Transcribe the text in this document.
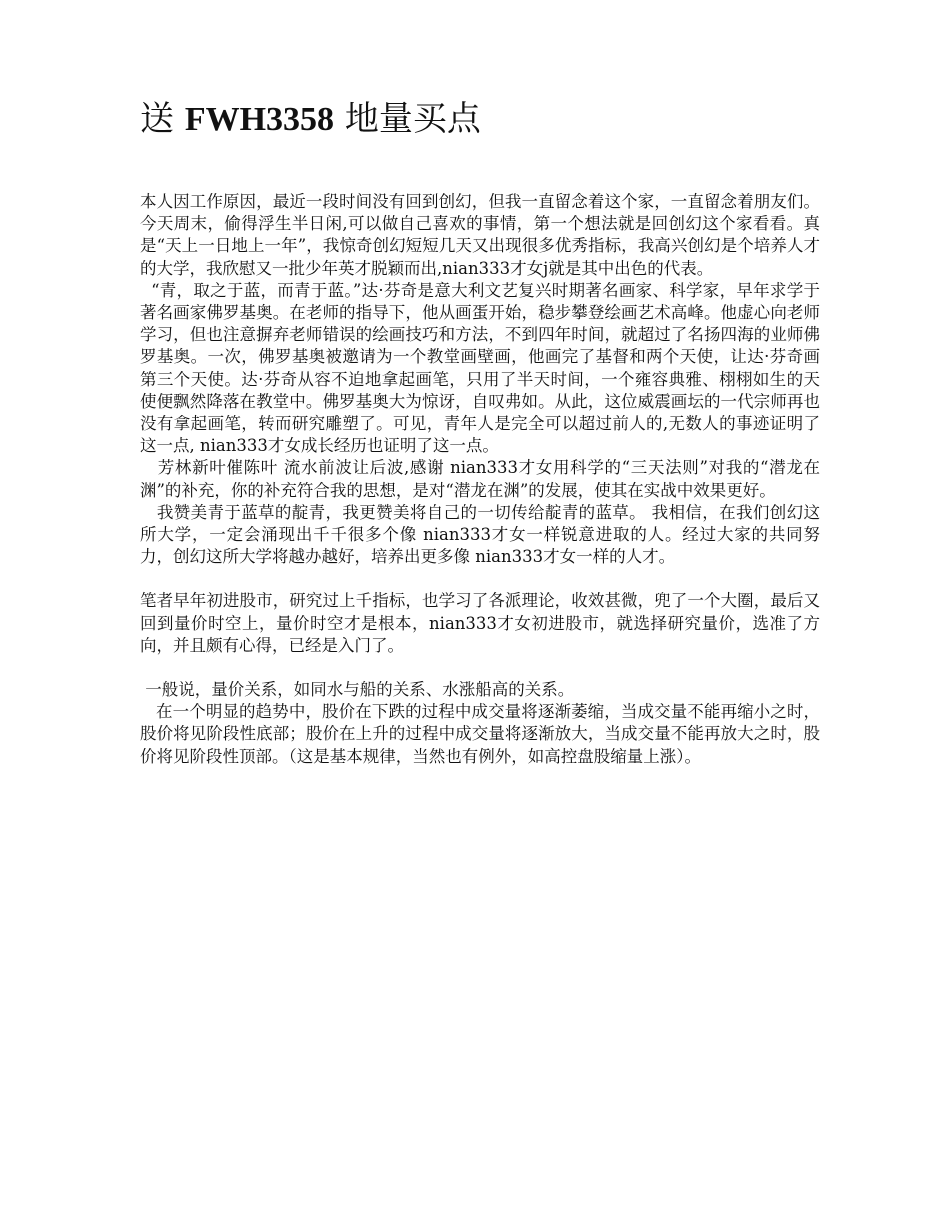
送 FWH3358 地量买点

本人因工作原因，最近一段时间没有回到创幻，但我一直留念着这个家，一直留念着朋友们。今天周末，偷得浮生半日闲,可以做自己喜欢的事情，第一个想法就是回创幻这个家看看。真是“天上一日地上一年”，我惊奇创幻短短几天又出现很多优秀指标，我高兴创幻是个培养人才的大学，我欣慰又一批少年英才脱颖而出,nian333才女j就是其中出色的代表。

“青，取之于蓝，而青于蓝。”达·芬奇是意大利文艺复兴时期著名画家、科学家，早年求学于著名画家佛罗基奥。在老师的指导下，他从画蛋开始，稳步攀登绘画艺术高峰。他虚心向老师学习，但也注意摒弃老师错误的绘画技巧和方法，不到四年时间，就超过了名扬四海的业师佛罗基奥。一次，佛罗基奥被邀请为一个教堂画壁画，他画完了基督和两个天使，让达·芬奇画第三个天使。达·芬奇从容不迫地拿起画笔，只用了半天时间，一个雍容典雅、栩栩如生的天使便飘然降落在教堂中。佛罗基奥大为惊讶，自叹弗如。从此，这位威震画坛的一代宗师再也没有拿起画笔，转而研究雕塑了。可见，青年人是完全可以超过前人的,无数人的事迹证明了这一点, nian333才女成长经历也证明了这一点。

芳林新叶催陈叶 流水前波让后波,感谢 nian333才女用科学的“三天法则”对我的“潜龙在渊”的补充，你的补充符合我的思想，是对“潜龙在渊”的发展，使其在实战中效果更好。

我赞美青于蓝草的靛青，我更赞美将自己的一切传给靛青的蓝草。 我相信，在我们创幻这所大学，一定会涌现出千千很多个像 nian333才女一样锐意进取的人。经过大家的共同努力，创幻这所大学将越办越好，培养出更多像 nian333才女一样的人才。

笔者早年初进股市，研究过上千指标，也学习了各派理论，收效甚微，兜了一个大圈，最后又回到量价时空上，量价时空才是根本，nian333才女初进股市，就选择研究量价，选准了方向，并且颇有心得，已经是入门了。

一般说，量价关系，如同水与船的关系、水涨船高的关系。

在一个明显的趋势中，股价在下跌的过程中成交量将逐渐萎缩，当成交量不能再缩小之时，股价将见阶段性底部；股价在上升的过程中成交量将逐渐放大，当成交量不能再放大之时，股价将见阶段性顶部。（这是基本规律，当然也有例外，如高控盘股缩量上涨）。
